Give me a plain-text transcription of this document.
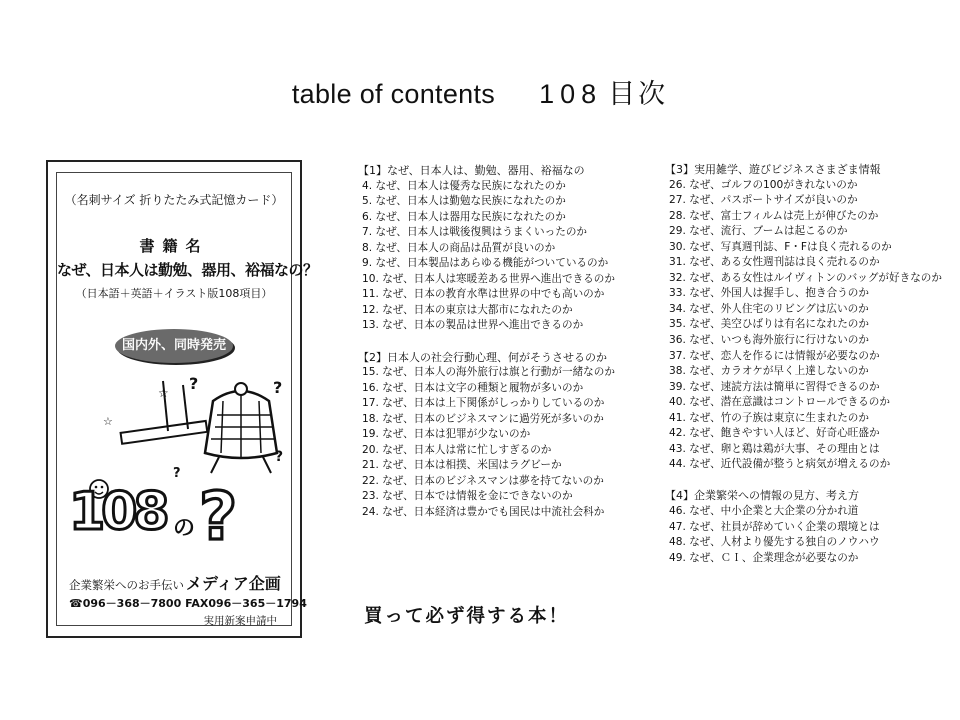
table of contents 108 目次
（名刺サイズ 折りたたみ式記憶カード）
書籍名
なぜ、日本人は勤勉、器用、裕福なの？
（日本語＋英語＋イラスト版108項目）
国内外、同時発売
?	?
?
?
☆
☆
108 の ?
企業繁栄へのお手伝い メディア企画
☎096－368－7800 FAX096－365－1794
実用新案申請中
【1】なぜ、日本人は、勤勉、器用、裕福なの
4. なぜ、日本人は優秀な民族になれたのか
5. なぜ、日本人は勤勉な民族になれたのか
6. なぜ、日本人は器用な民族になれたのか
7. なぜ、日本人は戦後復興はうまくいったのか
8. なぜ、日本人の商品は品質が良いのか
9. なぜ、日本製品はあらゆる機能がついているのか
10. なぜ、日本人は寒暖差ある世界へ進出できるのか
11. なぜ、日本の教育水準は世界の中でも高いのか
12. なぜ、日本の東京は大都市になれたのか
13. なぜ、日本の製品は世界へ進出できるのか
【2】日本人の社会行動心理、何がそうさせるのか
15. なぜ、日本人の海外旅行は旗と行動が一緒なのか
16. なぜ、日本は文字の種類と履物が多いのか
17. なぜ、日本は上下関係がしっかりしているのか
18. なぜ、日本のビジネスマンに過労死が多いのか
19. なぜ、日本は犯罪が少ないのか
20. なぜ、日本人は常に忙しすぎるのか
21. なぜ、日本は相撲、米国はラグビーか
22. なぜ、日本のビジネスマンは夢を持てないのか
23. なぜ、日本では情報を金にできないのか
24. なぜ、日本経済は豊かでも国民は中流社会科か
買って必ず得する本！
【3】実用雑学、遊びビジネスさまざま情報
26. なぜ、ゴルフの100がきれないのか
27. なぜ、パスポートサイズが良いのか
28. なぜ、富士フィルムは売上が伸びたのか
29. なぜ、流行、ブームは起こるのか
30. なぜ、写真週刊誌、F・Fは良く売れるのか
31. なぜ、ある女性週刊誌は良く売れるのか
32. なぜ、ある女性はルイヴィトンのバッグが好きなのか
33. なぜ、外国人は握手し、抱き合うのか
34. なぜ、外人住宅のリビングは広いのか
35. なぜ、美空ひばりは有名になれたのか
36. なぜ、いつも海外旅行に行けないのか
37. なぜ、恋人を作るには情報が必要なのか
38. なぜ、カラオケが早く上達しないのか
39. なぜ、速読方法は簡単に習得できるのか
40. なぜ、潜在意識はコントロールできるのか
41. なぜ、竹の子族は東京に生まれたのか
42. なぜ、飽きやすい人ほど、好奇心旺盛か
43. なぜ、卵と鶏は鶏が大事、その理由とは
44. なぜ、近代設備が整うと病気が増えるのか
【4】企業繁栄への情報の見方、考え方
46. なぜ、中小企業と大企業の分かれ道
47. なぜ、社員が辞めていく企業の環境とは
48. なぜ、人材より優先する独自のノウハウ
49. なぜ、ＣＩ、企業理念が必要なのか
